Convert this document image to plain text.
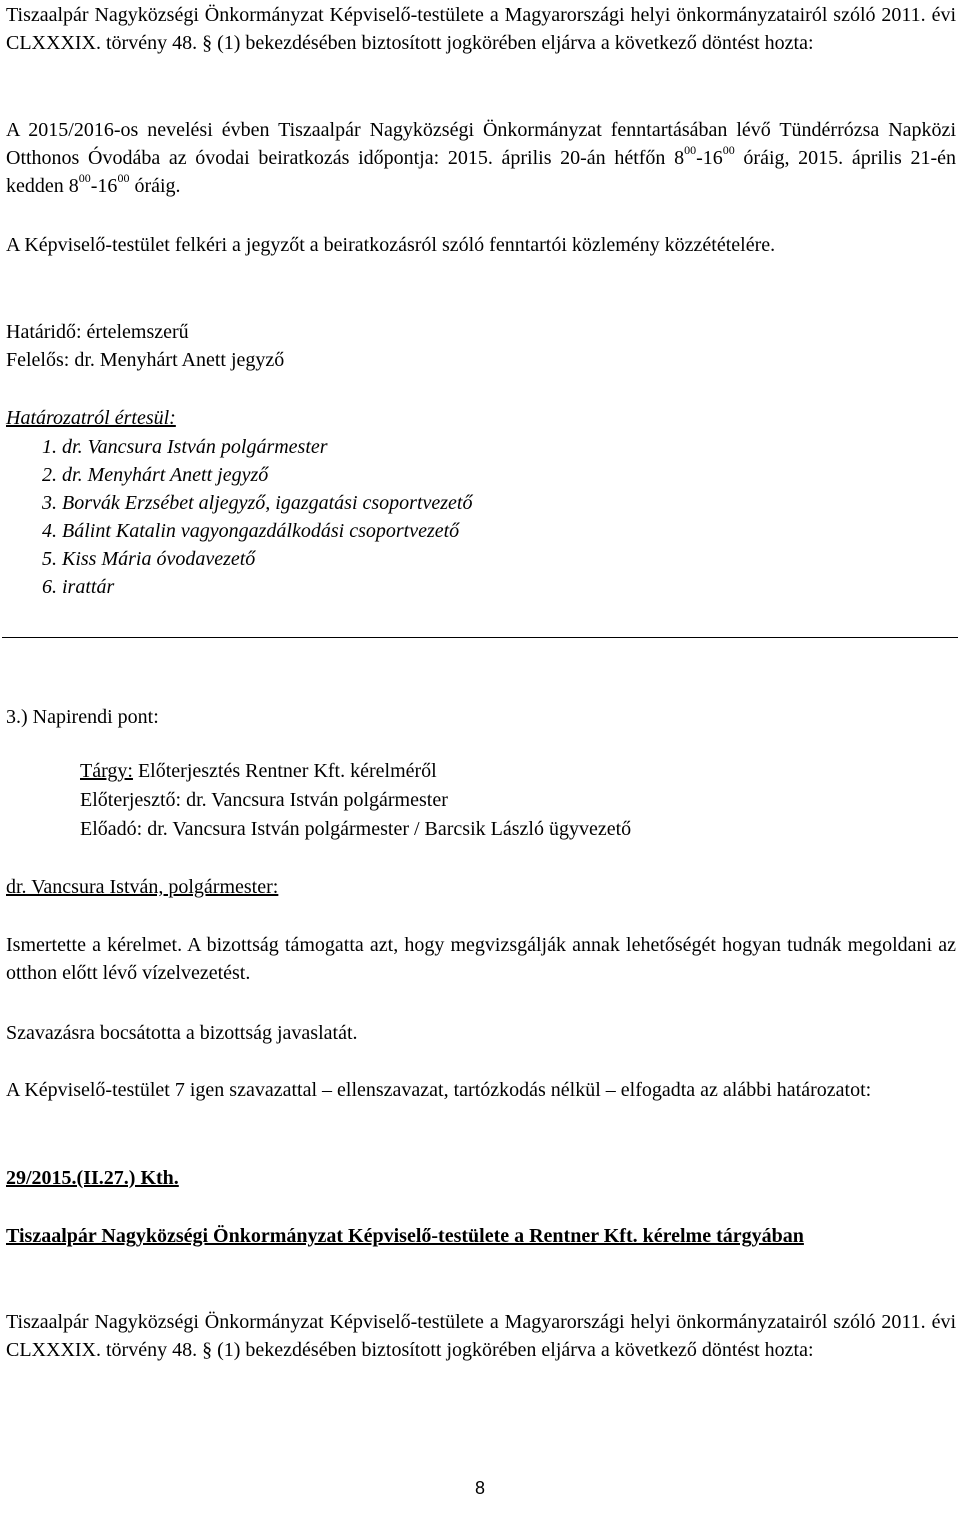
Tiszaalpár Nagyközségi Önkormányzat Képviselő-testülete a Magyarországi helyi önkormányzatairól szóló 2011. évi CLXXXIX. törvény 48. § (1) bekezdésében biztosított jogkörében eljárva a következő döntést hozta:

A 2015/2016-os nevelési évben Tiszaalpár Nagyközségi Önkormányzat fenntartásában lévő Tündérrózsa Napközi Otthonos Óvodába az óvodai beiratkozás időpontja: 2015. április 20-án hétfőn $8^{00}-16^{00}$ óráig, 2015. április 21-én kedden $8^{00}-16^{00}$ óráig.

A Képviselő-testület felkéri a jegyzőt a beiratkozásról szóló fenntartói közlemény közzétételére.

Határidő: értelemszerű

Felelős: dr. Menyhárt Anett jegyző

Határozatról értesül:

1. dr. Vancsura István polgármester
2. dr. Menyhárt Anett jegyző
3. Borvák Erzsébet aljegyző, igazgatási csoportvezető
4. Bálint Katalin vagyongazdálkodási csoportvezető
5. Kiss Mária óvodavezető
6. irattár

3.) Napirendi pont:

Tárgy: Előterjesztés Rentner Kft. kérelméről

Előterjesztő: dr. Vancsura István polgármester

Előadó: dr. Vancsura István polgármester / Barcsik László ügyvezető

dr. Vancsura István, polgármester:

Ismertette a kérelmet. A bizottság támogatta azt, hogy megvizsgálják annak lehetőségét hogyan tudnák megoldani az otthon előtt lévő vízelvezetést.

Szavazásra bocsátotta a bizottság javaslatát.

A Képviselő-testület 7 igen szavazattal – ellenszavazat, tartózkodás nélkül – elfogadta az alábbi határozatot:

29/2015.(II.27.) Kth.

Tiszaalpár Nagyközségi Önkormányzat Képviselő-testülete a Rentner Kft. kérelme tárgyában

Tiszaalpár Nagyközségi Önkormányzat Képviselő-testülete a Magyarországi helyi önkormányzatairól szóló 2011. évi CLXXXIX. törvény 48. § (1) bekezdésében biztosított jogkörében eljárva a következő döntést hozta:

8
